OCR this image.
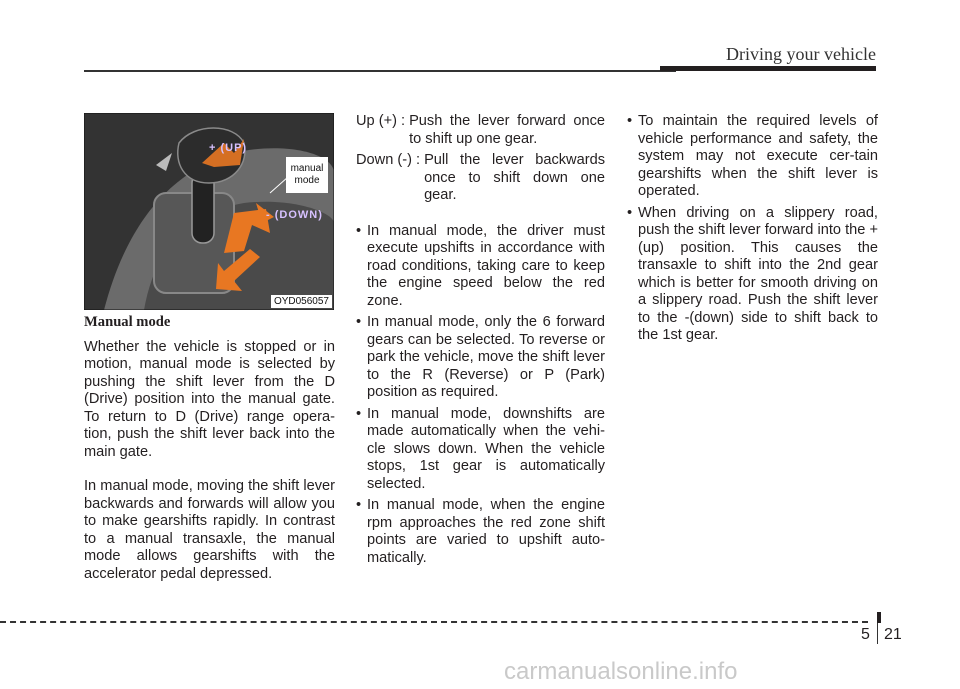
Driving your vehicle
+ (UP)
- (DOWN)
manual mode
OYD056057
Manual mode
Whether the vehicle is stopped or in motion, manual mode is selected by pushing the shift lever from the D (Drive) position into the manual gate. To return to D (Drive) range opera-tion, push the shift lever back into the main gate.
In manual mode, moving the shift lever backwards and forwards will allow you to make gearshifts rapidly. In contrast to a manual transaxle, the manual mode allows gearshifts with the accelerator pedal depressed.
Up (+) : Push the lever forward once to shift up one gear.
Down (-) : Pull the lever backwards once to shift down one gear.
• In manual mode, the driver must execute upshifts in accordance with road conditions, taking care to keep the engine speed below the red zone.
• In manual mode, only the 6 forward gears can be selected. To reverse or park the vehicle, move the shift lever to the R (Reverse) or P (Park) position as required.
• In manual mode, downshifts are made automatically when the vehi-cle slows down. When the vehicle stops, 1st gear is automatically selected.
• In manual mode, when the engine rpm approaches the red zone shift points are varied to upshift auto-matically.
• To maintain the required levels of vehicle performance and safety, the system may not execute cer-tain gearshifts when the shift lever is operated.
• When driving on a slippery road, push the shift lever forward into the +(up) position. This causes the transaxle to shift into the 2nd gear which is better for smooth driving on a slippery road. Push the shift lever to the -(down) side to shift back to the 1st gear.
5 21
carmanualsonline.info
